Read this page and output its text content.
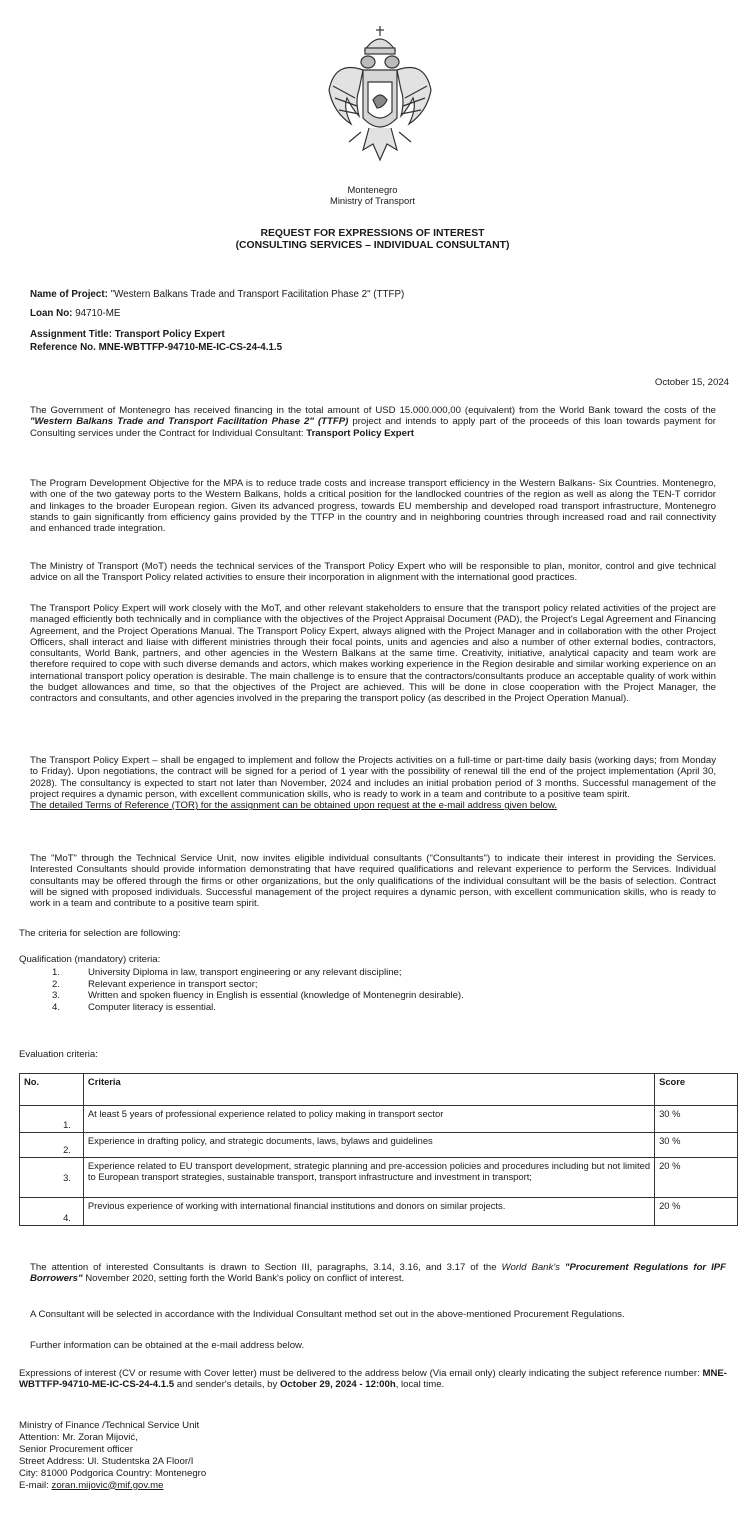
Montenegro
Ministry of Transport
REQUEST FOR EXPRESSIONS OF INTEREST
(CONSULTING SERVICES – INDIVIDUAL CONSULTANT)
Name of Project: "Western Balkans Trade and Transport Facilitation Phase 2" (TTFP)
Loan No: 94710-ME
Assignment Title: Transport Policy Expert
Reference No. MNE-WBTTFP-94710-ME-IC-CS-24-4.1.5
October 15, 2024
The Government of Montenegro has received financing in the total amount of USD 15.000.000,00 (equivalent) from the World Bank toward the costs of the "Western Balkans Trade and Transport Facilitation Phase 2" (TTFP) project and intends to apply part of the proceeds of this loan towards payment for Consulting services under the Contract for Individual Consultant: Transport Policy Expert
The Program Development Objective for the MPA is to reduce trade costs and increase transport efficiency in the Western Balkans- Six Countries. Montenegro, with one of the two gateway ports to the Western Balkans, holds a critical position for the landlocked countries of the region as well as along the TEN-T corridor and linkages to the broader European region. Given its advanced progress, towards EU membership and developed road transport infrastructure, Montenegro stands to gain significantly from efficiency gains provided by the TTFP in the country and in neighboring countries through increased road and rail connectivity and enhanced trade integration.
The Ministry of Transport (MoT) needs the technical services of the Transport Policy Expert who will be responsible to plan, monitor, control and give technical advice on all the Transport Policy related activities to ensure their incorporation in alignment with the international good practices.
The Transport Policy Expert will work closely with the MoT, and other relevant stakeholders to ensure that the transport policy related activities of the project are managed efficiently both technically and in compliance with the objectives of the Project Appraisal Document (PAD), the Project's Legal Agreement and Financing Agreement, and the Project Operations Manual. The Transport Policy Expert, always aligned with the Project Manager and in collaboration with the other Project Officers, shall interact and liaise with different ministries through their focal points, units and agencies and also a number of other external bodies, contractors, consultants, World Bank, partners, and other agencies in the Western Balkans at the same time. Creativity, initiative, analytical capacity and team work are therefore required to cope with such diverse demands and actors, which makes working experience in the Region desirable and similar working experience on an international transport policy operation is desirable. The main challenge is to ensure that the contractors/consultants produce an acceptable quality of work within the budget allowances and time, so that the objectives of the Project are achieved. This will be done in close cooperation with the Project Manager, the contractors and consultants, and other agencies involved in the preparing the transport policy (as described in the Project Operation Manual).
The Transport Policy Expert – shall be engaged to implement and follow the Projects activities on a full-time or part-time daily basis (working days; from Monday to Friday). Upon negotiations, the contract will be signed for a period of 1 year with the possibility of renewal till the end of the project implementation (April 30, 2028). The consultancy is expected to start not later than November, 2024 and includes an initial probation period of 3 months. Successful management of the project requires a dynamic person, with excellent communication skills, who is ready to work in a team and contribute to a positive team spirit.
The detailed Terms of Reference (TOR) for the assignment can be obtained upon request at the e-mail address given below.
The "MoT" through the Technical Service Unit, now invites eligible individual consultants ("Consultants") to indicate their interest in providing the Services. Interested Consultants should provide information demonstrating that have required qualifications and relevant experience to perform the Services. Individual consultants may be offered through the firms or other organizations, but the only qualifications of the individual consultant will be the basis of selection. Contract will be signed with proposed individuals. Successful management of the project requires a dynamic person, with excellent communication skills, who is ready to work in a team and contribute to a positive team spirit.
The criteria for selection are following:
Qualification (mandatory) criteria:
1.	University Diploma in law, transport engineering or any relevant discipline;
2.	Relevant experience in transport sector;
3.	Written and spoken fluency in English is essential (knowledge of Montenegrin desirable).
4.	Computer literacy is essential.
Evaluation criteria:
No.	Criteria	Score
1.	At least 5 years of professional experience related to policy making in transport sector	30 %
2.	Experience in drafting policy, and strategic documents, laws, bylaws and guidelines	30 %
3.	Experience related to EU transport development, strategic planning and pre-accession policies and procedures including but not limited to European transport strategies, sustainable transport, transport infrastructure and investment in transport;	20 %
4.	Previous experience of working with international financial institutions and donors on similar projects.	20 %
The attention of interested Consultants is drawn to Section III, paragraphs, 3.14, 3.16, and 3.17 of the World Bank's "Procurement Regulations for IPF Borrowers" November 2020, setting forth the World Bank's policy on conflict of interest.
A Consultant will be selected in accordance with the Individual Consultant method set out in the above-mentioned Procurement Regulations.
Further information can be obtained at the e-mail address below.
Expressions of interest (CV or resume with Cover letter) must be delivered to the address below (Via email only) clearly indicating the subject reference number: MNE-WBTTFP-94710-ME-IC-CS-24-4.1.5 and sender's details, by October 29, 2024 - 12:00h, local time.
Ministry of Finance /Technical Service Unit
Attention: Mr. Zoran Mijović,
Senior Procurement officer
Street Address: Ul. Studentska 2A Floor/I
City: 81000 Podgorica Country: Montenegro
E-mail: zoran.mijovic@mif.gov.me
